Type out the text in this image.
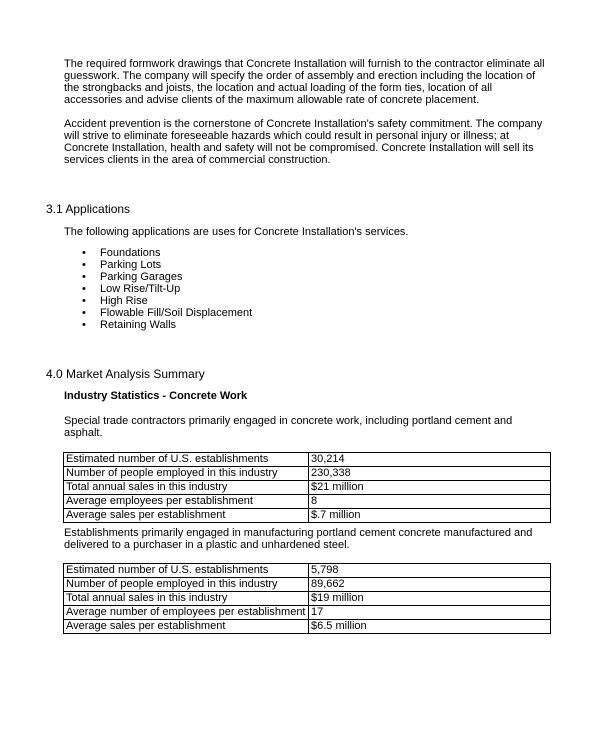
The required formwork drawings that Concrete Installation will furnish to the contractor eliminate all guesswork. The company will specify the order of assembly and erection including the location of the strongbacks and joists, the location and actual loading of the form ties, location of all accessories and advise clients of the maximum allowable rate of concrete placement.

Accident prevention is the cornerstone of Concrete Installation's safety commitment. The company will strive to eliminate foreseeable hazards which could result in personal injury or illness; at Concrete Installation, health and safety will not be compromised. Concrete Installation will sell its services clients in the area of commercial construction.

3.1 Applications

The following applications are uses for Concrete Installation's services.

• Foundations
• Parking Lots
• Parking Garages
• Low Rise/Tilt-Up
• High Rise
• Flowable Fill/Soil Displacement
• Retaining Walls
4.0 Market Analysis Summary

Industry Statistics - Concrete Work

Special trade contractors primarily engaged in concrete work, including portland cement and asphalt.

Estimated number of U.S. establishments	30,214
Number of people employed in this industry	230,338
Total annual sales in this industry	$21 million
Average employees per establishment	8
Average sales per establishment	$.7 million

Establishments primarily engaged in manufacturing portland cement concrete manufactured and delivered to a purchaser in a plastic and unhardened steel.

Estimated number of U.S. establishments	5,798
Number of people employed in this industry	89,662
Total annual sales in this industry	$19 million
Average number of employees per establishment	17
Average sales per establishment	$6.5 million
